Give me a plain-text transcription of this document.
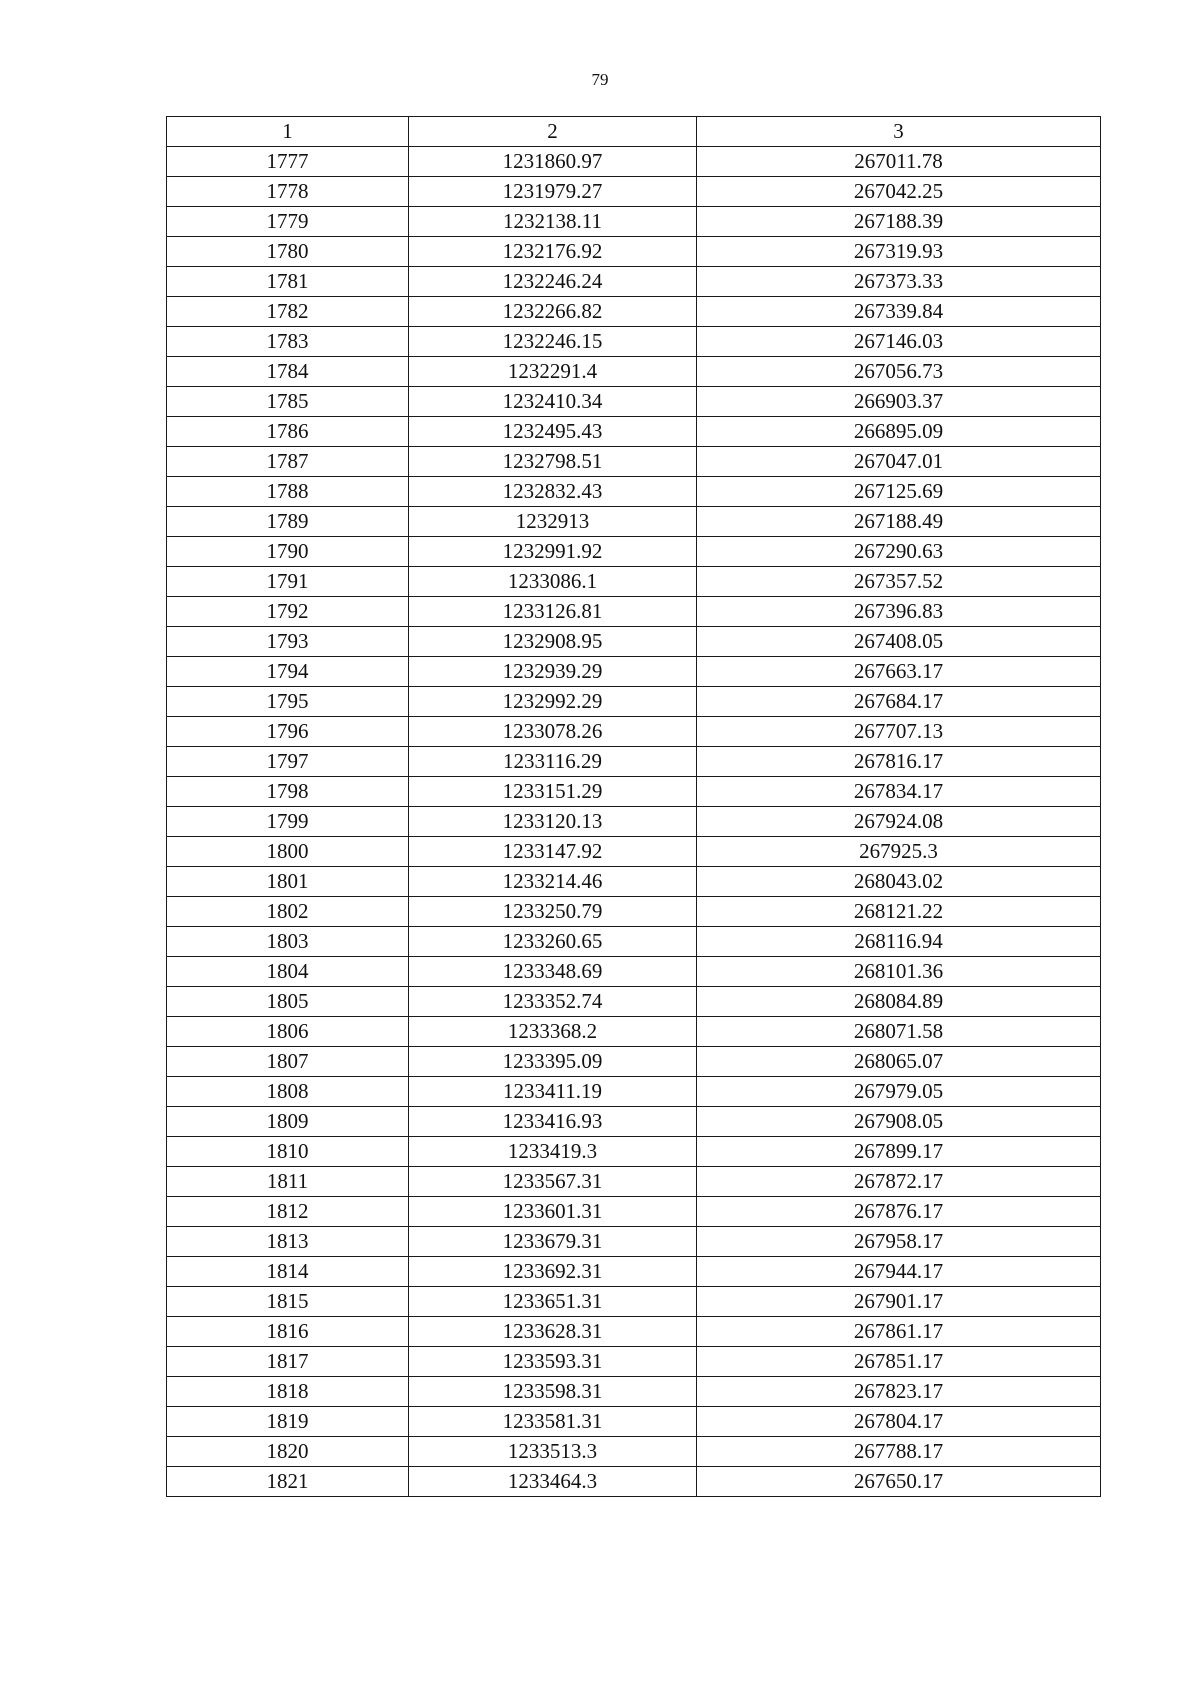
79
1	2	3
1777	1231860.97	267011.78
1778	1231979.27	267042.25
1779	1232138.11	267188.39
1780	1232176.92	267319.93
1781	1232246.24	267373.33
1782	1232266.82	267339.84
1783	1232246.15	267146.03
1784	1232291.4	267056.73
1785	1232410.34	266903.37
1786	1232495.43	266895.09
1787	1232798.51	267047.01
1788	1232832.43	267125.69
1789	1232913	267188.49
1790	1232991.92	267290.63
1791	1233086.1	267357.52
1792	1233126.81	267396.83
1793	1232908.95	267408.05
1794	1232939.29	267663.17
1795	1232992.29	267684.17
1796	1233078.26	267707.13
1797	1233116.29	267816.17
1798	1233151.29	267834.17
1799	1233120.13	267924.08
1800	1233147.92	267925.3
1801	1233214.46	268043.02
1802	1233250.79	268121.22
1803	1233260.65	268116.94
1804	1233348.69	268101.36
1805	1233352.74	268084.89
1806	1233368.2	268071.58
1807	1233395.09	268065.07
1808	1233411.19	267979.05
1809	1233416.93	267908.05
1810	1233419.3	267899.17
1811	1233567.31	267872.17
1812	1233601.31	267876.17
1813	1233679.31	267958.17
1814	1233692.31	267944.17
1815	1233651.31	267901.17
1816	1233628.31	267861.17
1817	1233593.31	267851.17
1818	1233598.31	267823.17
1819	1233581.31	267804.17
1820	1233513.3	267788.17
1821	1233464.3	267650.17
